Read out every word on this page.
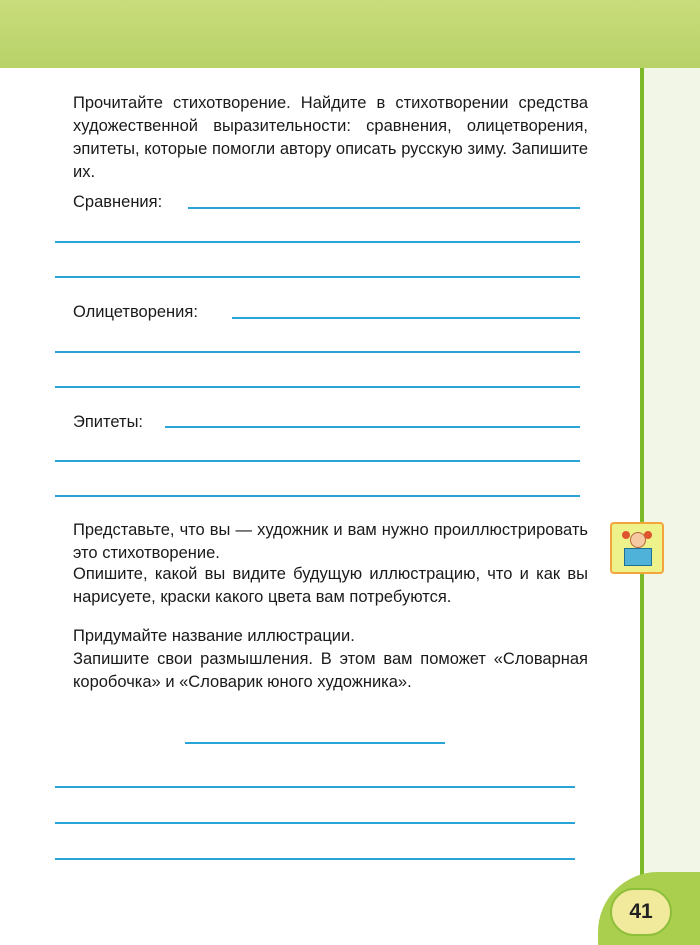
Прочитайте стихотворение. Найдите в стихотворении средства художественной выразительности: сравнения, олицетворения, эпитеты, которые помогли автору описать русскую зиму. Запишите их.
Сравнения:
Олицетворения:
Эпитеты:
Представьте, что вы — художник и вам нужно проиллюстрировать это стихотворение.
Опишите, какой вы видите будущую иллюстрацию, что и как вы нарисуете, краски какого цвета вам потребуются.
Придумайте название иллюстрации.
Запишите свои размышления. В этом вам поможет «Словарная коробочка» и «Словарик юного художника».
41
